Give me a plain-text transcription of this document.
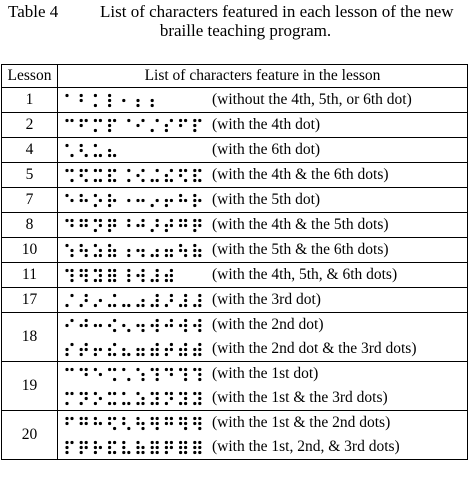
Table 4 List of characters featured in each lesson of the new
braille teaching program.
Lesson	List of characters feature in the lesson
1	(without the 4th, 5th, or 6th dot)

2	(with the 4th dot)

4	(with the 6th dot)

5	(with the 4th & the 6th dots)

7	(with the 5th dot)

8	(with the 4th & the 5th dots)

10	(with the 5th & the 6th dots)

11	(with the 4th, 5th, & 6th dots)

17	(with the 3rd dot)

18	(with the 2nd dot)
(with the 2nd dot & the 3rd dots)

19	(with the 1st dot)
(with the 1st & the 3rd dots)

20	(with the 1st & the 2nd dots)
(with the 1st, 2nd, & 3rd dots)
